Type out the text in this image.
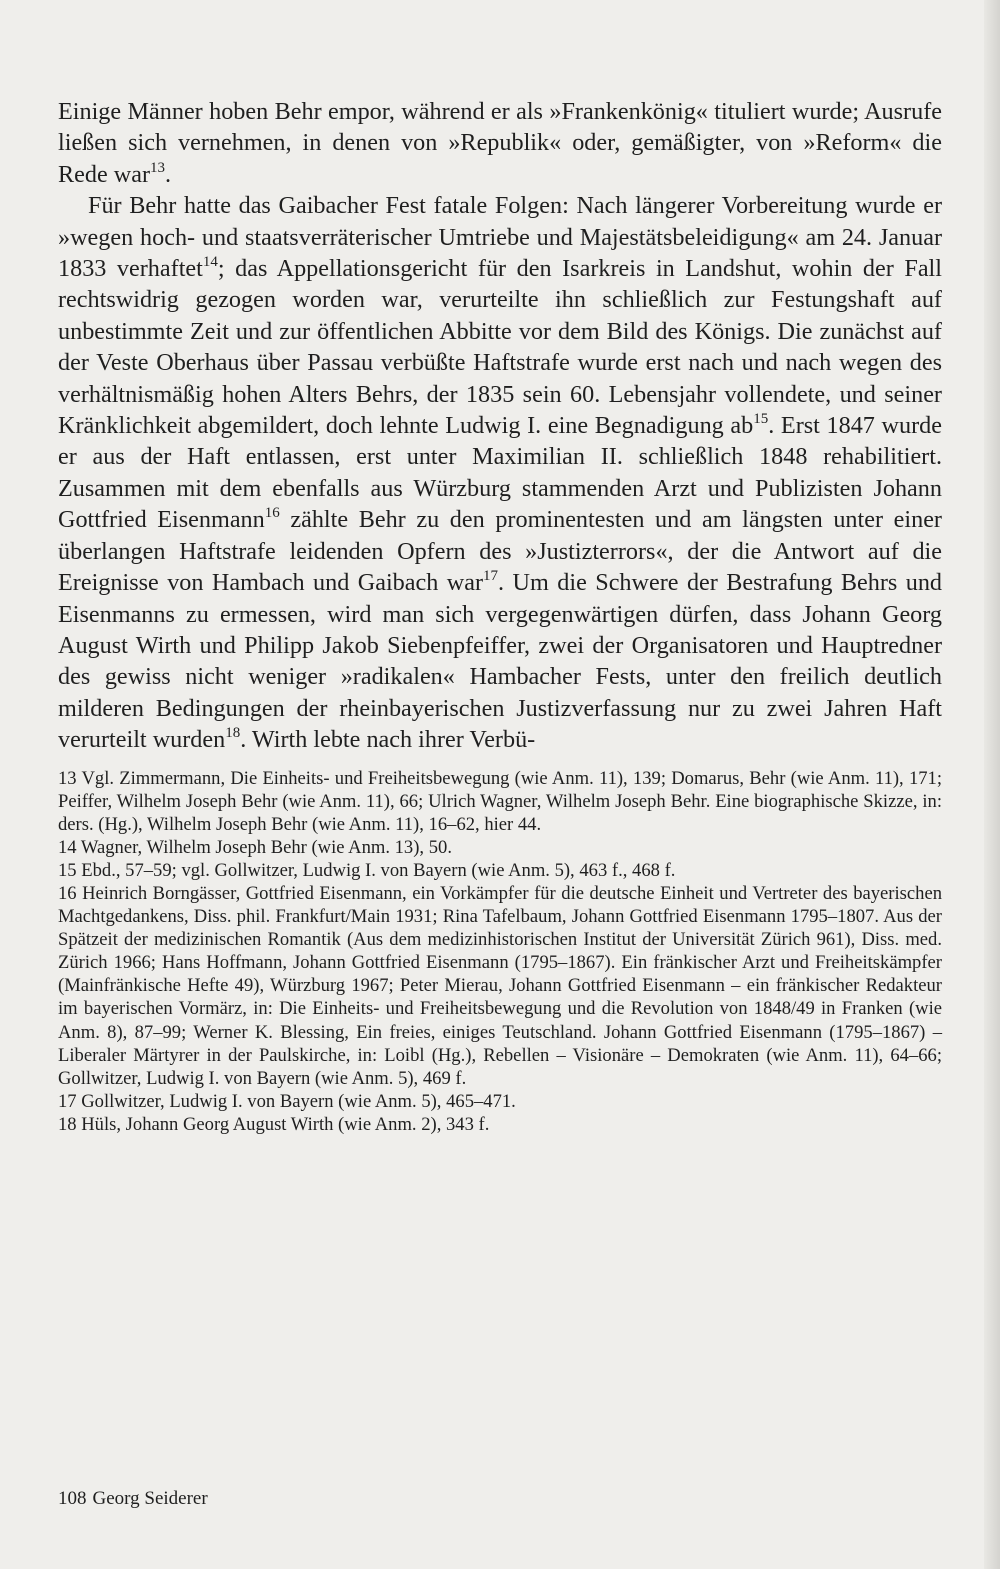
Einige Männer hoben Behr empor, während er als »Frankenkönig« tituliert wurde; Ausrufe ließen sich vernehmen, in denen von »Republik« oder, gemäßigter, von »Reform« die Rede war$^{13}$.

Für Behr hatte das Gaibacher Fest fatale Folgen: Nach längerer Vorbereitung wurde er »wegen hoch- und staatsverräterischer Umtriebe und Majestätsbeleidigung« am 24. Januar 1833 verhaftet$^{14}$; das Appellationsgericht für den Isarkreis in Landshut, wohin der Fall rechtswidrig gezogen worden war, verurteilte ihn schließlich zur Festungshaft auf unbestimmte Zeit und zur öffentlichen Abbitte vor dem Bild des Königs. Die zunächst auf der Veste Oberhaus über Passau verbüßte Haftstrafe wurde erst nach und nach wegen des verhältnismäßig hohen Alters Behrs, der 1835 sein 60. Lebensjahr vollendete, und seiner Kränklichkeit abgemildert, doch lehnte Ludwig I. eine Begnadigung $ab^{15}$. Erst 1847 wurde er aus der Haft entlassen, erst unter Maximilian II. schließlich 1848 rehabilitiert. Zusammen mit dem ebenfalls aus Würzburg stammenden Arzt und Publizisten Johann Gottfried Eisenmann$^{16}$ zählte Behr zu den prominentesten und am längsten unter einer überlangen Haftstrafe leidenden Opfern des »Justizterrors«, der die Antwort auf die Ereignisse von Hambach und Gaibach war$^{17}$. Um die Schwere der Bestrafung Behrs und Eisenmanns zu ermessen, wird man sich vergegenwärtigen dürfen, dass Johann Georg August Wirth und Philipp Jakob Siebenpfeiffer, zwei der Organisatoren und Hauptredner des gewiss nicht weniger »radikalen« Hambacher Fests, unter den freilich deutlich milderen Bedingungen der rheinbayerischen Justizverfassung nur zu zwei Jahren Haft verurteilt wurden$^{18}$. Wirth lebte nach ihrer Verbü-

13 Vgl. Zimmermann, Die Einheits- und Freiheitsbewegung (wie Anm. 11), 139; Domarus, Behr (wie Anm. 11), 171; Peiffer, Wilhelm Joseph Behr (wie Anm. 11), 66; Ulrich Wagner, Wilhelm Joseph Behr. Eine biographische Skizze, in: ders. (Hg.), Wilhelm Joseph Behr (wie Anm. 11), 16–62, hier 44.

14 Wagner, Wilhelm Joseph Behr (wie Anm. 13), 50.

15 Ebd., 57–59; vgl. Gollwitzer, Ludwig I. von Bayern (wie Anm. 5), 463 f., 468 f.

16 Heinrich Borngässer, Gottfried Eisenmann, ein Vorkämpfer für die deutsche Einheit und Vertreter des bayerischen Machtgedankens, Diss. phil. Frankfurt/Main 1931; Rina Tafelbaum, Johann Gottfried Eisenmann 1795–1807. Aus der Spätzeit der medizinischen Romantik (Aus dem medizinhistorischen Institut der Universität Zürich 961), Diss. med. Zürich 1966; Hans Hoffmann, Johann Gottfried Eisenmann (1795–1867). Ein fränkischer Arzt und Freiheitskämpfer (Mainfränkische Hefte 49), Würzburg 1967; Peter Mierau, Johann Gottfried Eisenmann – ein fränkischer Redakteur im bayerischen Vormärz, in: Die Einheits- und Freiheitsbewegung und die Revolution von 1848/49 in Franken (wie Anm. 8), 87–99; Werner K. Blessing, Ein freies, einiges Teutschland. Johann Gottfried Eisenmann (1795–1867) – Liberaler Märtyrer in der Paulskirche, in: Loibl (Hg.), Rebellen – Visionäre – Demokraten (wie Anm. 11), 64–66; Gollwitzer, Ludwig I. von Bayern (wie Anm. 5), 469 f.

17 Gollwitzer, Ludwig I. von Bayern (wie Anm. 5), 465–471.

18 Hüls, Johann Georg August Wirth (wie Anm. 2), 343 f.

108 Georg Seiderer
